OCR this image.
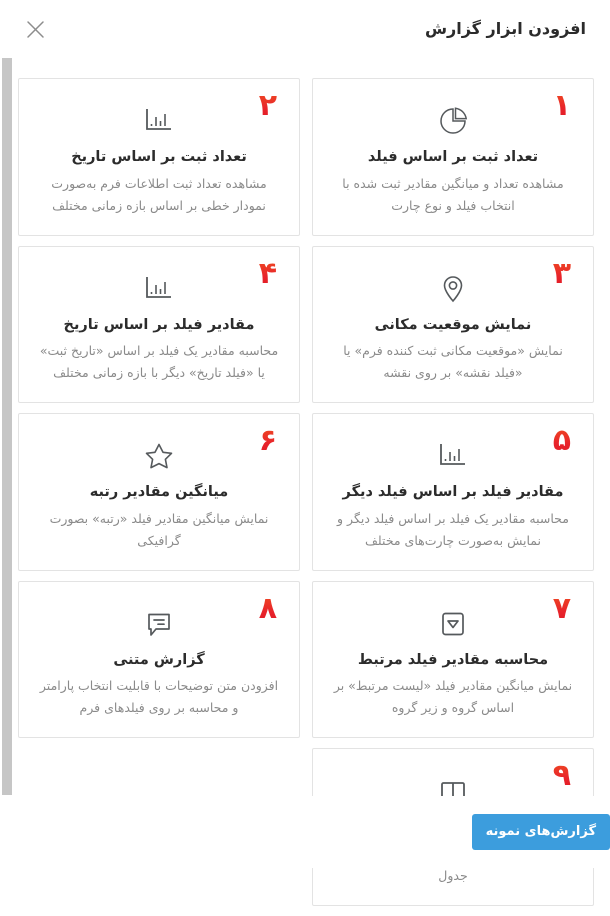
افزودن ابزار گزارش
۱
تعداد ثبت بر اساس فیلد
مشاهده تعداد و میانگین مقادیر ثبت شده با انتخاب فیلد و نوع چارت
۲
تعداد ثبت بر اساس تاریخ
مشاهده تعداد ثبت اطلاعات فرم به‌صورت نمودار خطی بر اساس بازه زمانی مختلف
۳
نمایش موقعیت مکانی
نمایش «موقعیت مکانی ثبت کننده فرم» یا «فیلد نقشه» بر روی نقشه
۴
مقادیر فیلد بر اساس تاریخ
محاسبه مقادیر یک فیلد بر اساس «تاریخ ثبت» یا «فیلد تاریخ» دیگر با بازه زمانی مختلف
۵
مقادیر فیلد بر اساس فیلد دیگر
محاسبه مقادیر یک فیلد بر اساس فیلد دیگر و نمایش به‌صورت چارت‌های مختلف
۶
میانگین مقادیر رتبه
نمایش میانگین مقادیر فیلد «رتبه» بصورت گرافیکی
۷
محاسبه مقادیر فیلد مرتبط
نمایش میانگین مقادیر فیلد «لیست مرتبط» بر اساس گروه و زیر گروه
۸
گزارش متنی
افزودن متن توضیحات با قابلیت انتخاب پارامتر و محاسبه بر روی فیلدهای فرم
۹
جدول
گزارش‌های نمونه
